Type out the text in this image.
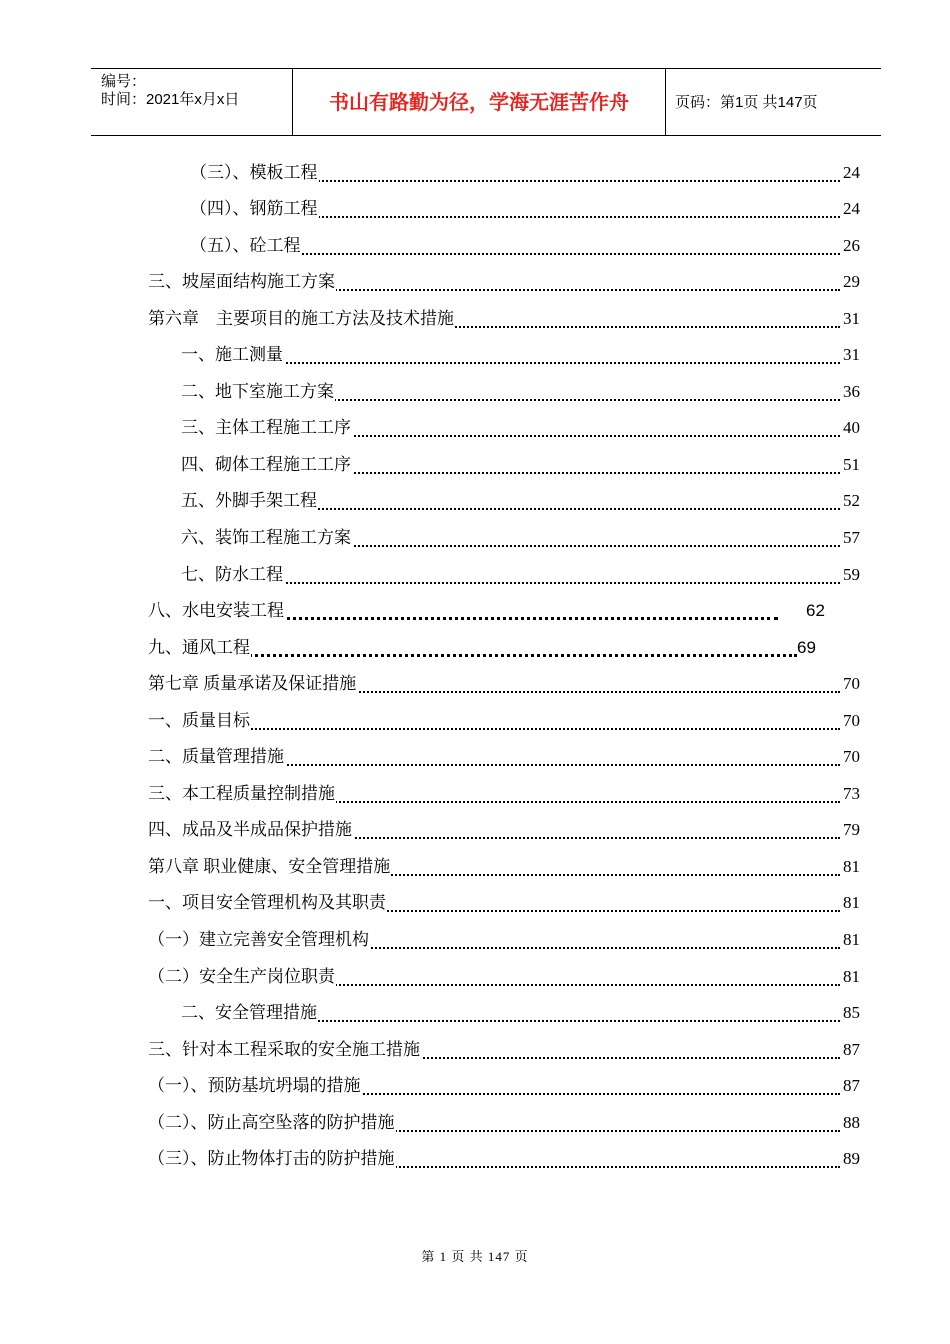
编号：
时间：2021年x月x日	书山有路勤为径，学海无涯苦作舟	页码：第1页 共147页
（三）、模板工程	24
（四）、钢筋工程	24
（五）、砼工程	26
三、坡屋面结构施工方案	29
第六章　主要项目的施工方法及技术措施	31
一、施工测量	31
二、地下室施工方案	36
三、主体工程施工工序	40
四、砌体工程施工工序	51
五、外脚手架工程	52
六、装饰工程施工方案	57
七、防水工程	59
八、水电安装工程	62
九、通风工程	69
第七章 质量承诺及保证措施	70
一、质量目标	70
二、质量管理措施	70
三、本工程质量控制措施	73
四、成品及半成品保护措施	79
第八章 职业健康、安全管理措施	81
一、项目安全管理机构及其职责	81
（一）建立完善安全管理机构	81
（二）安全生产岗位职责	81
二、安全管理措施	85
三、针对本工程采取的安全施工措施	87
（一）、预防基坑坍塌的措施	87
（二）、防止高空坠落的防护措施	88
（三）、防止物体打击的防护措施	89
第 1 页 共 147 页
